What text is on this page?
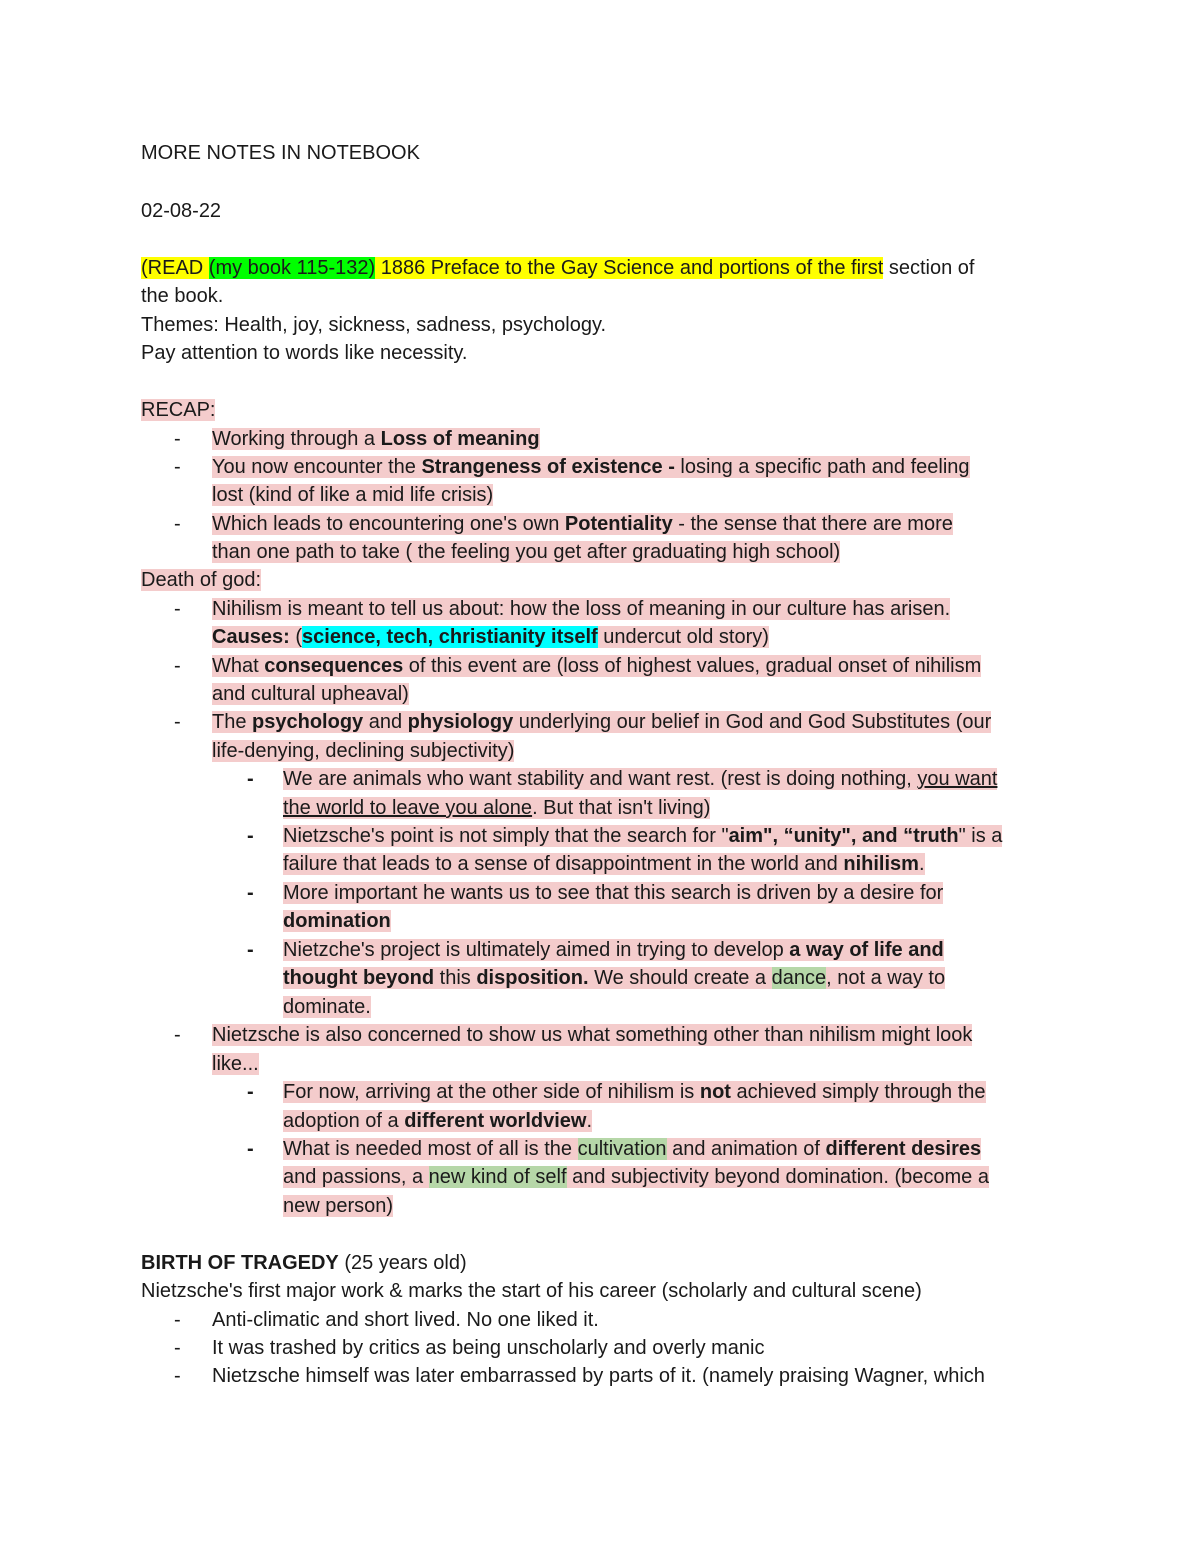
MORE NOTES IN NOTEBOOK
02-08-22
(READ (my book 115-132) 1886 Preface to the Gay Science and portions of the first section of
the book.
Themes: Health, joy, sickness, sadness, psychology.
Pay attention to words like necessity.
RECAP:
- Working through a Loss of meaning
- You now encounter the Strangeness of existence - losing a specific path and feeling
lost (kind of like a mid life crisis)
- Which leads to encountering one's own Potentiality - the sense that there are more
than one path to take ( the feeling you get after graduating high school)
Death of god:
- Nihilism is meant to tell us about: how the loss of meaning in our culture has arisen.
Causes: (science, tech, christianity itself undercut old story)
- What consequences of this event are (loss of highest values, gradual onset of nihilism
and cultural upheaval)
- The psychology and physiology underlying our belief in God and God Substitutes (our
life-denying, declining subjectivity)
- We are animals who want stability and want rest. (rest is doing nothing, you want
the world to leave you alone. But that isn't living)
- Nietzsche's point is not simply that the search for "aim", “unity", and “truth" is a
failure that leads to a sense of disappointment in the world and nihilism.
- More important he wants us to see that this search is driven by a desire for
domination
- Nietzche's project is ultimately aimed in trying to develop a way of life and
thought beyond this disposition. We should create a dance, not a way to
dominate.
- Nietzsche is also concerned to show us what something other than nihilism might look
like...
- For now, arriving at the other side of nihilism is not achieved simply through the
adoption of a different worldview.
- What is needed most of all is the cultivation and animation of different desires
and passions, a new kind of self and subjectivity beyond domination. (become a
new person)
BIRTH OF TRAGEDY (25 years old)
Nietzsche's first major work & marks the start of his career (scholarly and cultural scene)
- Anti-climatic and short lived. No one liked it.
- It was trashed by critics as being unscholarly and overly manic
- Nietzsche himself was later embarrassed by parts of it. (namely praising Wagner, which
